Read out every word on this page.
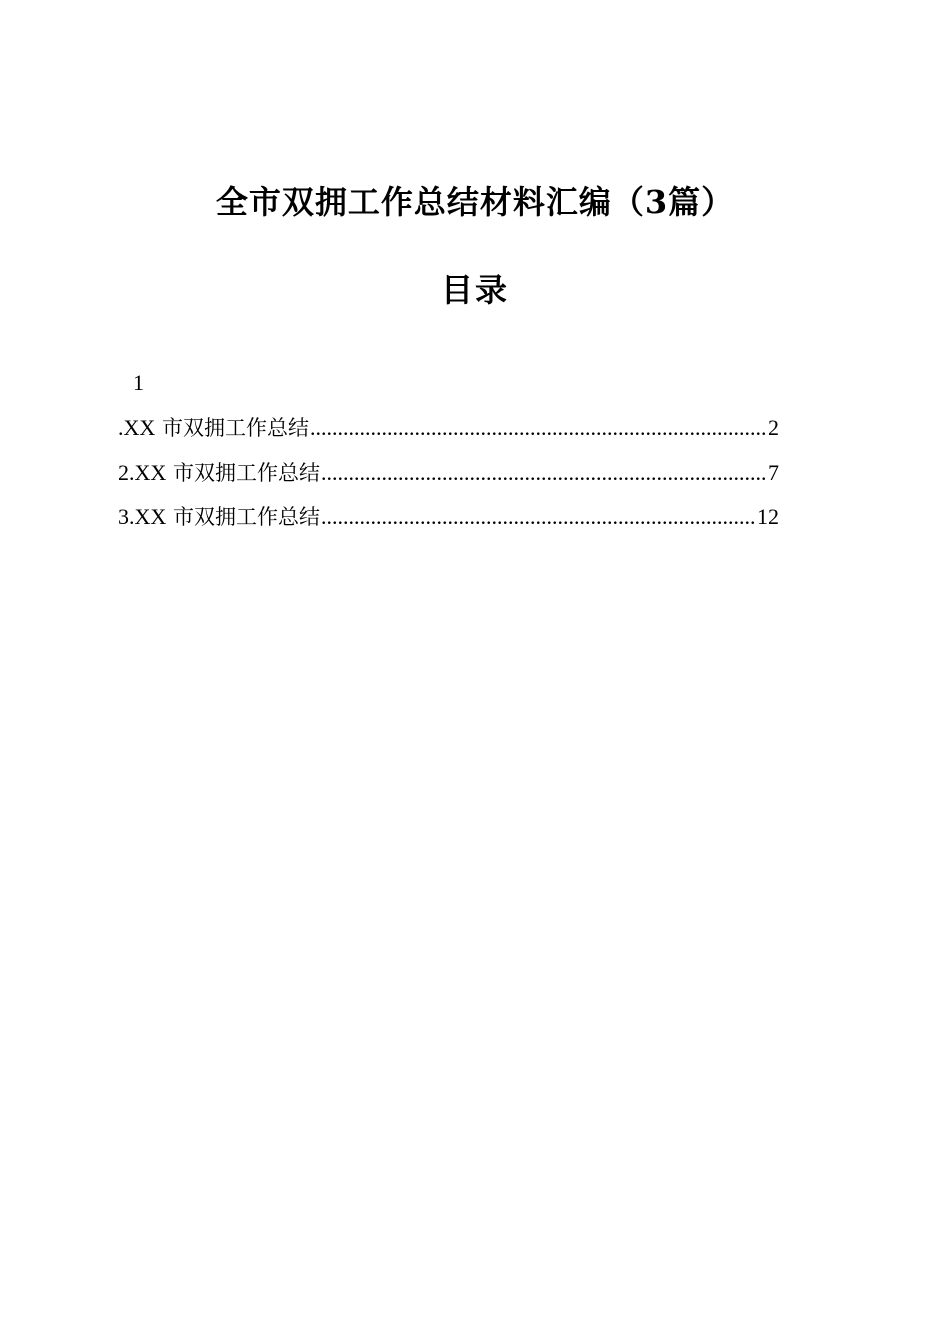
全市双拥工作总结材料汇编（3篇）
目录
1
.XX 市双拥工作总结 .....	2
2.XX 市双拥工作总结 .....	7
3.XX 市双拥工作总结 .....	12
